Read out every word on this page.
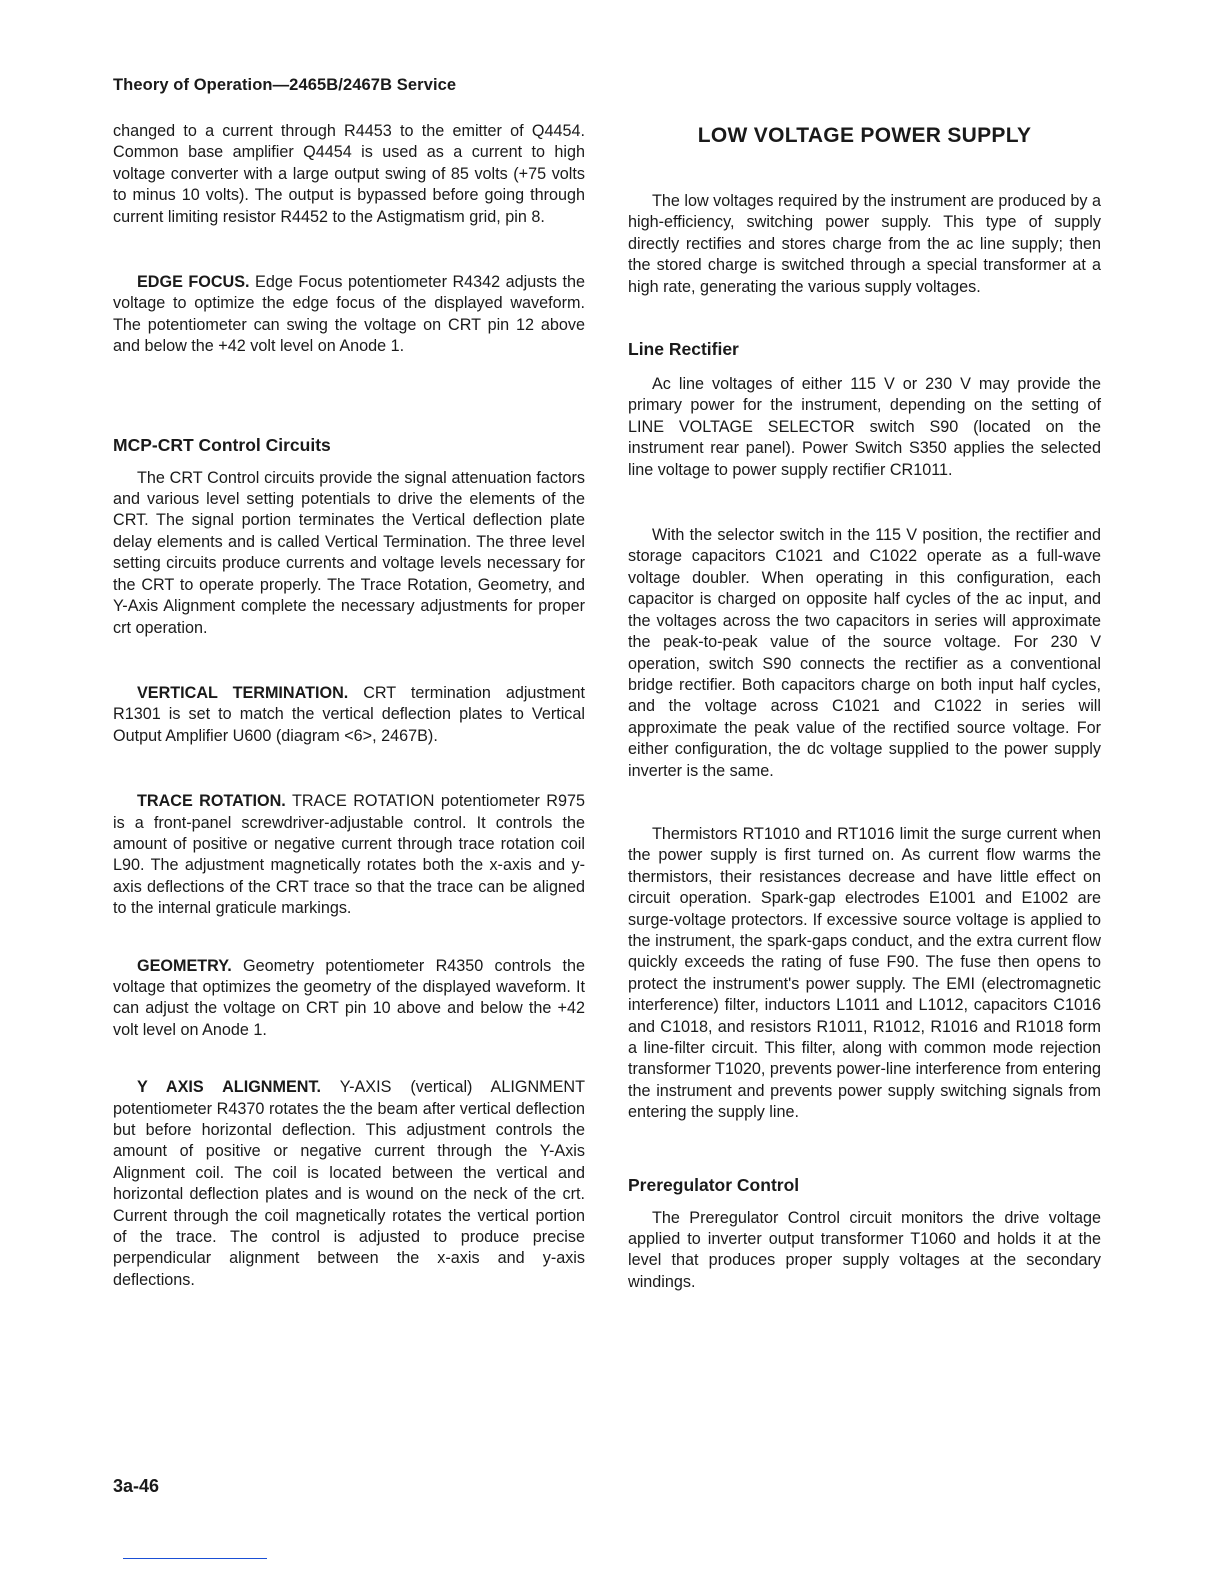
Theory of Operation—2465B/2467B Service

changed to a current through R4453 to the emitter of Q4454. Common base amplifier Q4454 is used as a current to high voltage converter with a large output swing of 85 volts (+75 volts to minus 10 volts). The output is bypassed before going through current limiting resistor R4452 to the Astigmatism grid, pin 8.

EDGE FOCUS. Edge Focus potentiometer R4342 adjusts the voltage to optimize the edge focus of the displayed waveform. The potentiometer can swing the voltage on CRT pin 12 above and below the +42 volt level on Anode 1.

MCP-CRT Control Circuits

The CRT Control circuits provide the signal attenuation factors and various level setting potentials to drive the elements of the CRT. The signal portion terminates the Vertical deflection plate delay elements and is called Vertical Termination. The three level setting circuits produce currents and voltage levels necessary for the CRT to operate properly. The Trace Rotation, Geometry, and Y-Axis Alignment complete the necessary adjustments for proper crt operation.

VERTICAL TERMINATION. CRT termination adjustment R1301 is set to match the vertical deflection plates to Vertical Output Amplifier U600 (diagram <6>, 2467B).

TRACE ROTATION. TRACE ROTATION potentiometer R975 is a front-panel screwdriver-adjustable control. It controls the amount of positive or negative current through trace rotation coil L90. The adjustment magnetically rotates both the x-axis and y-axis deflections of the CRT trace so that the trace can be aligned to the internal graticule markings.

GEOMETRY. Geometry potentiometer R4350 controls the voltage that optimizes the geometry of the displayed waveform. It can adjust the voltage on CRT pin 10 above and below the +42 volt level on Anode 1.

Y AXIS ALIGNMENT. Y-AXIS (vertical) ALIGNMENT potentiometer R4370 rotates the the beam after vertical deflection but before horizontal deflection. This adjustment controls the amount of positive or negative current through the Y-Axis Alignment coil. The coil is located between the vertical and horizontal deflection plates and is wound on the neck of the crt. Current through the coil magnetically rotates the vertical portion of the trace. The control is adjusted to produce precise perpendicular alignment between the x-axis and y-axis deflections.

LOW VOLTAGE POWER SUPPLY

The low voltages required by the instrument are produced by a high-efficiency, switching power supply. This type of supply directly rectifies and stores charge from the ac line supply; then the stored charge is switched through a special transformer at a high rate, generating the various supply voltages.

Line Rectifier

Ac line voltages of either 115 V or 230 V may provide the primary power for the instrument, depending on the setting of LINE VOLTAGE SELECTOR switch S90 (located on the instrument rear panel). Power Switch S350 applies the selected line voltage to power supply rectifier CR1011.

With the selector switch in the 115 V position, the rectifier and storage capacitors C1021 and C1022 operate as a full-wave voltage doubler. When operating in this configuration, each capacitor is charged on opposite half cycles of the ac input, and the voltages across the two capacitors in series will approximate the peak-to-peak value of the source voltage. For 230 V operation, switch S90 connects the rectifier as a conventional bridge rectifier. Both capacitors charge on both input half cycles, and the voltage across C1021 and C1022 in series will approximate the peak value of the rectified source voltage. For either configuration, the dc voltage supplied to the power supply inverter is the same.

Thermistors RT1010 and RT1016 limit the surge current when the power supply is first turned on. As current flow warms the thermistors, their resistances decrease and have little effect on circuit operation. Spark-gap electrodes E1001 and E1002 are surge-voltage protectors. If excessive source voltage is applied to the instrument, the spark-gaps conduct, and the extra current flow quickly exceeds the rating of fuse F90. The fuse then opens to protect the instrument's power supply. The EMI (electromagnetic interference) filter, inductors L1011 and L1012, capacitors C1016 and C1018, and resistors R1011, R1012, R1016 and R1018 form a line-filter circuit. This filter, along with common mode rejection transformer T1020, prevents power-line interference from entering the instrument and prevents power supply switching signals from entering the supply line.

Preregulator Control

The Preregulator Control circuit monitors the drive voltage applied to inverter output transformer T1060 and holds it at the level that produces proper supply voltages at the secondary windings.

3a-46
